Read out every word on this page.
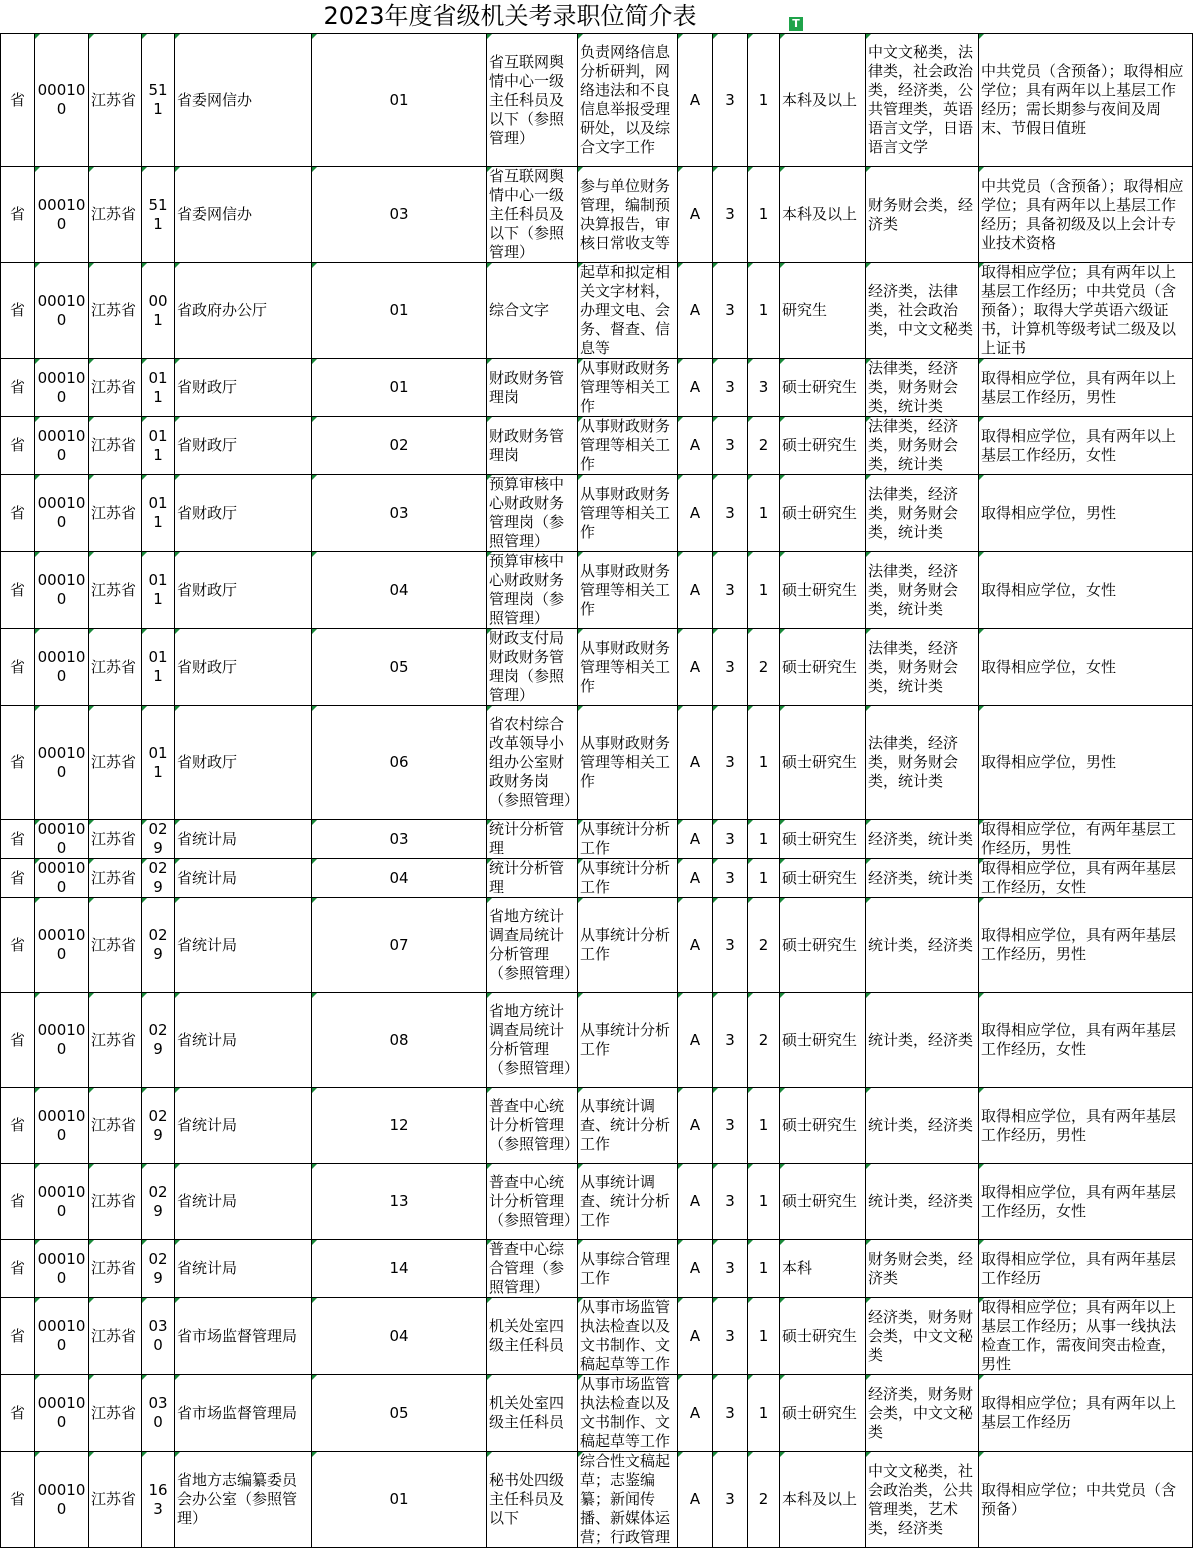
2023年度省级机关考录职位简介表	T
省	000100	江苏省	511	省委网信办	01	省互联网舆情中心一级主任科员及以下（参照管理）	负责网络信息分析研判，网络违法和不良信息举报受理研处，以及综合文字工作	A	3	1	本科及以上	中文文秘类，法律类，社会政治类，经济类，公共管理类，英语语言文学，日语语言文学	中共党员（含预备）；取得相应学位；具有两年以上基层工作经历；需长期参与夜间及周末、节假日值班
省	000100	江苏省	511	省委网信办	03	省互联网舆情中心一级主任科员及以下（参照管理）	参与单位财务管理，编制预决算报告，审核日常收支等	A	3	1	本科及以上	财务财会类，经济类	中共党员（含预备）；取得相应学位；具有两年以上基层工作经历；具备初级及以上会计专业技术资格
省	000100	江苏省	001	省政府办公厅	01	综合文字	起草和拟定相关文字材料，办理文电、会务、督查、信息等	A	3	1	研究生	经济类，法律类，社会政治类，中文文秘类	取得相应学位；具有两年以上基层工作经历；中共党员（含预备）；取得大学英语六级证书，计算机等级考试二级及以上证书
省	000100	江苏省	011	省财政厅	01	财政财务管理岗	从事财政财务管理等相关工作	A	3	3	硕士研究生	法律类，经济类，财务财会类，统计类	取得相应学位，具有两年以上基层工作经历，男性
省	000100	江苏省	011	省财政厅	02	财政财务管理岗	从事财政财务管理等相关工作	A	3	2	硕士研究生	法律类，经济类，财务财会类，统计类	取得相应学位，具有两年以上基层工作经历，女性
省	000100	江苏省	011	省财政厅	03	预算审核中心财政财务管理岗（参照管理）	从事财政财务管理等相关工作	A	3	1	硕士研究生	法律类，经济类，财务财会类，统计类	取得相应学位，男性
省	000100	江苏省	011	省财政厅	04	预算审核中心财政财务管理岗（参照管理）	从事财政财务管理等相关工作	A	3	1	硕士研究生	法律类，经济类，财务财会类，统计类	取得相应学位，女性
省	000100	江苏省	011	省财政厅	05	财政支付局财政财务管理岗（参照管理）	从事财政财务管理等相关工作	A	3	2	硕士研究生	法律类，经济类，财务财会类，统计类	取得相应学位，女性
省	000100	江苏省	011	省财政厅	06	省农村综合改革领导小组办公室财政财务岗（参照管理）	从事财政财务管理等相关工作	A	3	1	硕士研究生	法律类，经济类，财务财会类，统计类	取得相应学位，男性
省	000100	江苏省	029	省统计局	03	统计分析管理	从事统计分析工作	A	3	1	硕士研究生	经济类，统计类	取得相应学位，有两年基层工作经历，男性
省	000100	江苏省	029	省统计局	04	统计分析管理	从事统计分析工作	A	3	1	硕士研究生	经济类，统计类	取得相应学位，具有两年基层工作经历，女性
省	000100	江苏省	029	省统计局	07	省地方统计调查局统计分析管理（参照管理）	从事统计分析工作	A	3	2	硕士研究生	统计类，经济类	取得相应学位，具有两年基层工作经历，男性
省	000100	江苏省	029	省统计局	08	省地方统计调查局统计分析管理（参照管理）	从事统计分析工作	A	3	2	硕士研究生	统计类，经济类	取得相应学位，具有两年基层工作经历，女性
省	000100	江苏省	029	省统计局	12	普查中心统计分析管理（参照管理）	从事统计调查、统计分析工作	A	3	1	硕士研究生	统计类，经济类	取得相应学位，具有两年基层工作经历，男性
省	000100	江苏省	029	省统计局	13	普查中心统计分析管理（参照管理）	从事统计调查、统计分析工作	A	3	1	硕士研究生	统计类，经济类	取得相应学位，具有两年基层工作经历，女性
省	000100	江苏省	029	省统计局	14	普查中心综合管理（参照管理）	从事综合管理工作	A	3	1	本科	财务财会类，经济类	取得相应学位，具有两年基层工作经历
省	000100	江苏省	030	省市场监督管理局	04	机关处室四级主任科员	从事市场监管执法检查以及文书制作、文稿起草等工作	A	3	1	硕士研究生	经济类，财务财会类，中文文秘类	取得相应学位；具有两年以上基层工作经历；从事一线执法检查工作，需夜间突击检查，男性
省	000100	江苏省	030	省市场监督管理局	05	机关处室四级主任科员	从事市场监管执法检查以及文书制作、文稿起草等工作	A	3	1	硕士研究生	经济类，财务财会类，中文文秘类	取得相应学位；具有两年以上基层工作经历
省	000100	江苏省	163	省地方志编纂委员会办公室（参照管理）	01	秘书处四级主任科员及以下	综合性文稿起草；志鉴编纂；新闻传播、新媒体运营；行政管理	A	3	2	本科及以上	中文文秘类，社会政治类，公共管理类，艺术类，经济类	取得相应学位；中共党员（含预备）
